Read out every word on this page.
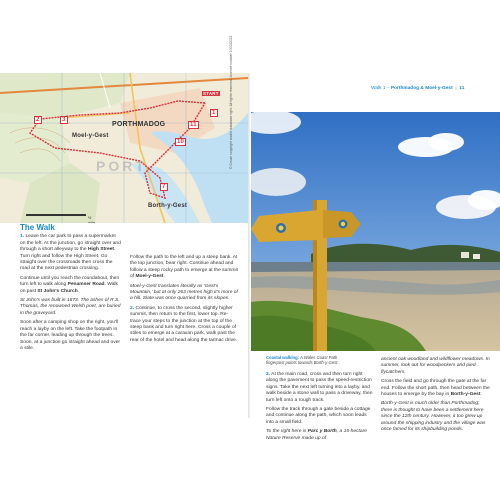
PORT
PORTHMADOG
Moel-y-Gest
Borth-y-Gest
START
2	3
1
11
10
7
½ mile
The Walk

1. Leave the car park to pass a supermarket on the left. At the junction, go straight over and through a short alleyway to the High Street. Turn right and follow the High Street. Go straight over the crossroads then cross the road at the next pedestrian crossing.

Continue until you reach the roundabout, then turn left to walk along Penamser Road. Walk on past St John's Church.

St John's was built in 1873. The ashes of R.S. Thomas, the renowned Welsh poet, are buried in the graveyard.

Soon after a camping shop on the right, you'll reach a layby on the left. Take the footpath in the far corner, leading up through the trees. Soon, at a junction go straight ahead and over a stile.

Follow the path to the left and up a steep bank. At the top junction, bear right. Continue ahead and follow a steep rocky path to emerge at the summit of Moel-y-Gest.

Moel-y-Gest translates literally as 'Gest's Mountain,' but at only 263 metres high it's more of a hill. Slate was once quarried from its slopes.

2. Continue, to cross the second, slightly higher summit, then return to the first, lower top. Re-trace your steps to the junction at the top of the steep bank and turn right here. Cross a couple of stiles to emerge at a caravan park, walk past the rear of the hotel and head along the tarmac drive.

Walk 1 – Porthmadog & Moel-y-Gest  |  11
Coastal walking: A Wales Coast Path fingerpost points towards Borth-y-Gest

3. At the main road, cross and then turn right along the pavement to pass the speed-restriction signs. Take the next left turning into a layby, and walk beside a stone wall to pass a driveway, then turn left onto a rough track.

Follow the track through a gate beside a cottage and continue along the path, which soon leads into a small field.

To the right here is Parc y Borth, a 15-hectare Nature Reserve made up of

ancient oak woodland and wildflower meadows. In summer, look out for woodpeckers and pied flycatchers.

Cross the field and go through the gate at the far end. Follow the short path, then head between the houses to emerge by the bay in Borth-y-Gest.

Borth-y-Gest is much older than Porthmadog; there is thought to have been a settlement here since the 12th century. However, it too grew up around the shipping industry and the village was once famed for its shipbuilding ponds.
